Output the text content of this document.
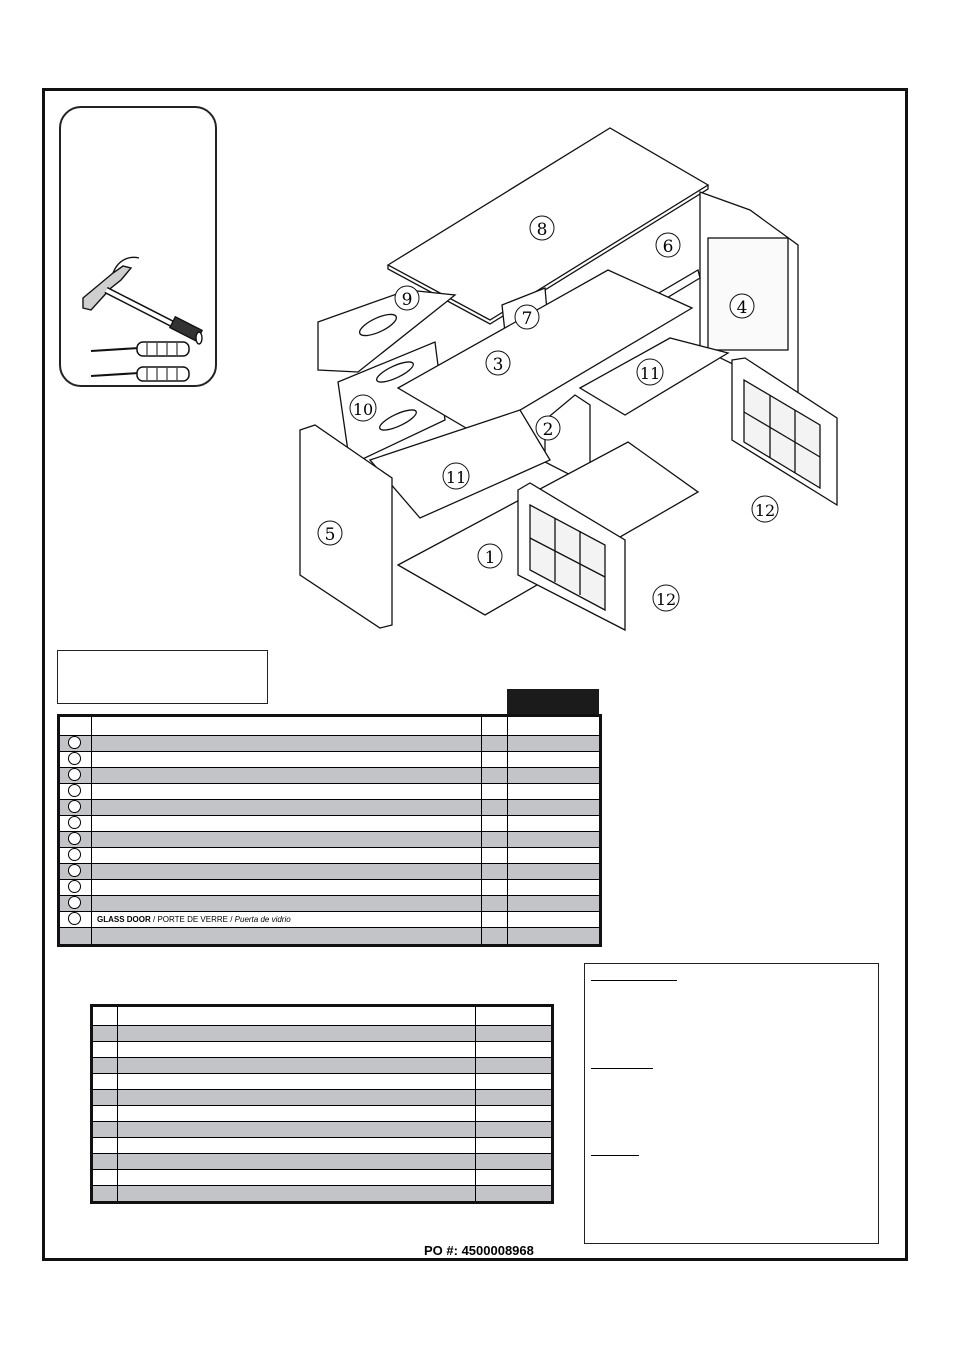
1
2
3
4
5
6
7
8
9
10
11
11
12
12

	GLASS DOOR / PORTE DE VERRE / Puerta de vidrio		

PO #: 4500008968
